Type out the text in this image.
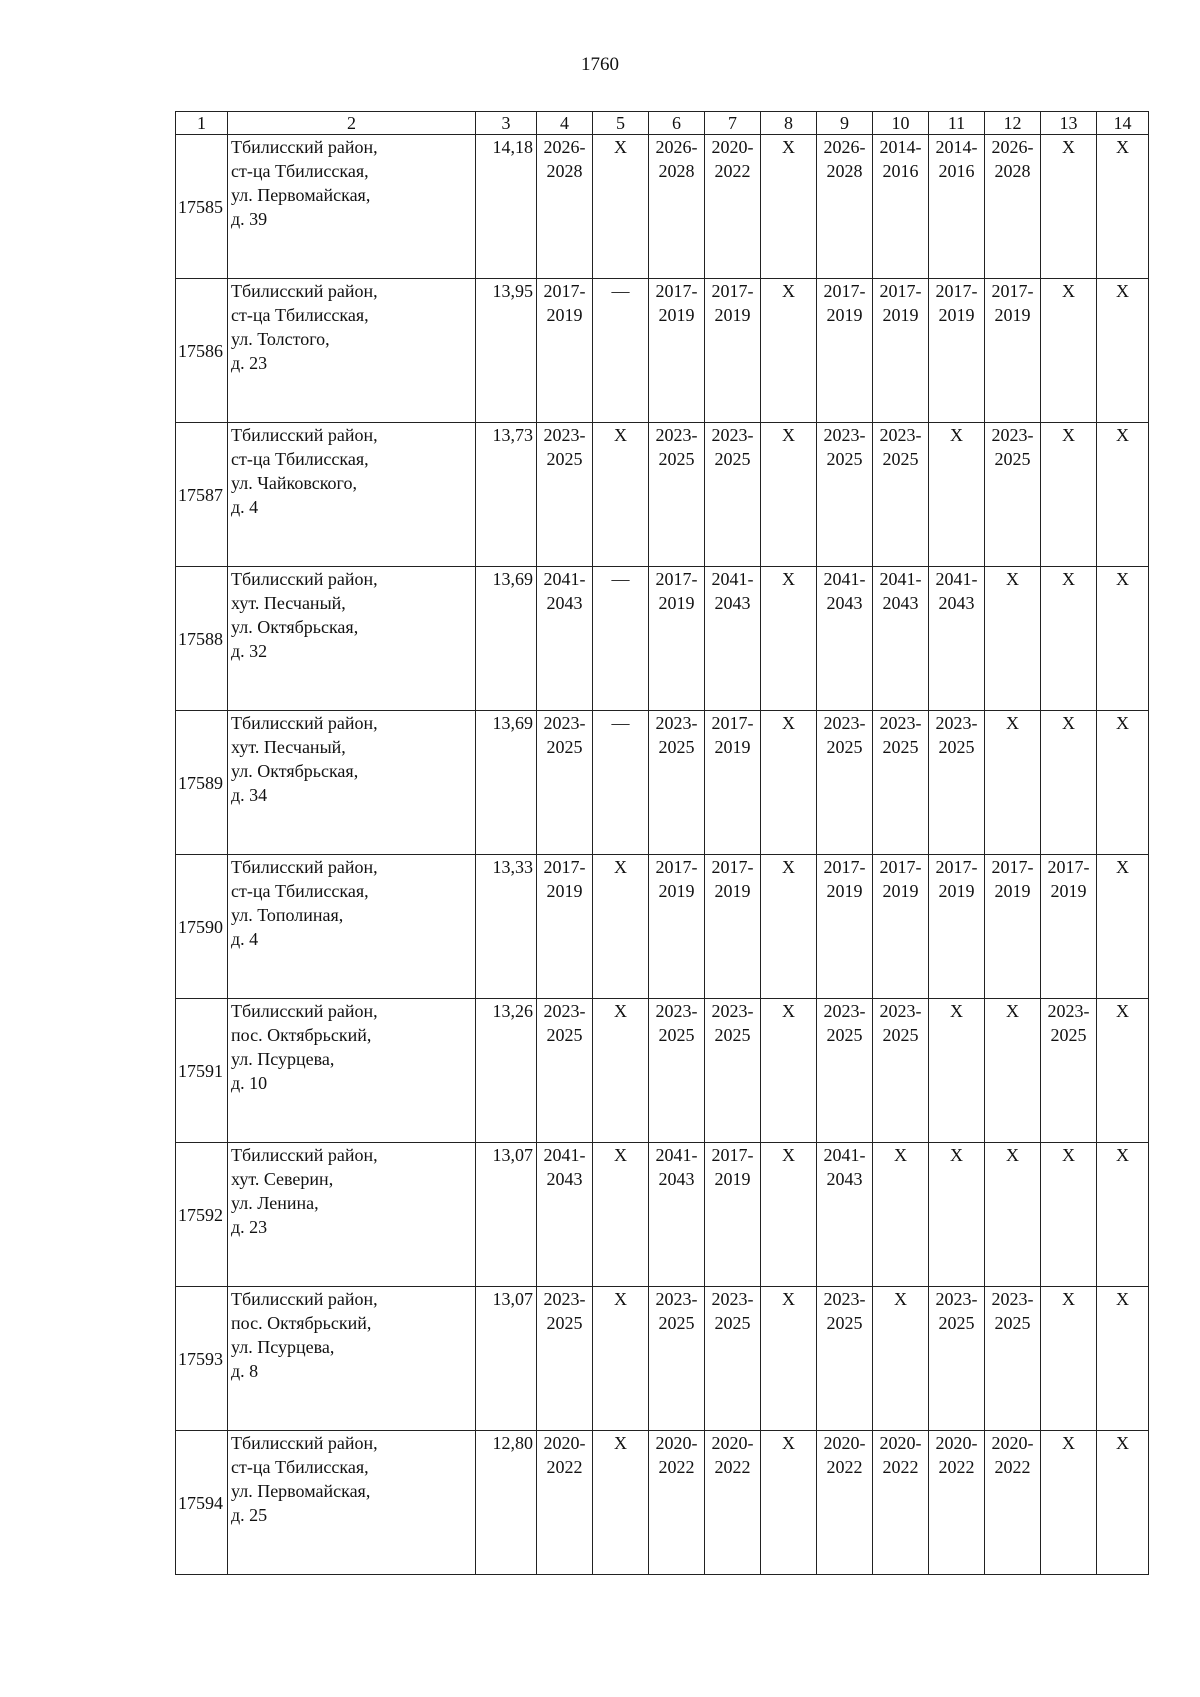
1760
1	2	3	4	5	6	7	8	9	10	11	12	13	14
17585	Тбилисский район,
ст-ца Тбилисская,
ул. Первомайская,
д. 39	14,18	2026-
2028	X	2026-
2028	2020-
2022	X	2026-
2028	2014-
2016	2014-
2016	2026-
2028	X	X

17586	Тбилисский район,
ст-ца Тбилисская,
ул. Толстого,
д. 23	13,95	2017-
2019	—	2017-
2019	2017-
2019	X	2017-
2019	2017-
2019	2017-
2019	2017-
2019	X	X

17587	Тбилисский район,
ст-ца Тбилисская,
ул. Чайковского,
д. 4	13,73	2023-
2025	X	2023-
2025	2023-
2025	X	2023-
2025	2023-
2025	X	2023-
2025	X	X

17588	Тбилисский район,
хут. Песчаный,
ул. Октябрьская,
д. 32	13,69	2041-
2043	—	2017-
2019	2041-
2043	X	2041-
2043	2041-
2043	2041-
2043	X	X	X

17589	Тбилисский район,
хут. Песчаный,
ул. Октябрьская,
д. 34	13,69	2023-
2025	—	2023-
2025	2017-
2019	X	2023-
2025	2023-
2025	2023-
2025	X	X	X

17590	Тбилисский район,
ст-ца Тбилисская,
ул. Тополиная,
д. 4	13,33	2017-
2019	X	2017-
2019	2017-
2019	X	2017-
2019	2017-
2019	2017-
2019	2017-
2019	2017-
2019	X

17591	Тбилисский район,
пос. Октябрьский,
ул. Псурцева,
д. 10	13,26	2023-
2025	X	2023-
2025	2023-
2025	X	2023-
2025	2023-
2025	X	X	2023-
2025	X

17592	Тбилисский район,
хут. Северин,
ул. Ленина,
д. 23	13,07	2041-
2043	X	2041-
2043	2017-
2019	X	2041-
2043	X	X	X	X	X

17593	Тбилисский район,
пос. Октябрьский,
ул. Псурцева,
д. 8	13,07	2023-
2025	X	2023-
2025	2023-
2025	X	2023-
2025	X	2023-
2025	2023-
2025	X	X

17594	Тбилисский район,
ст-ца Тбилисская,
ул. Первомайская,
д. 25	12,80	2020-
2022	X	2020-
2022	2020-
2022	X	2020-
2022	2020-
2022	2020-
2022	2020-
2022	X	X
